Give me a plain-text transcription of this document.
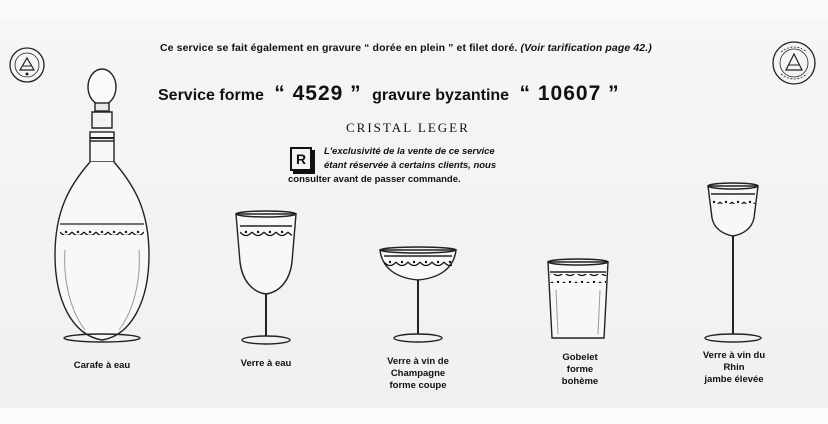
Ce service se fait également en gravure “ dorée en plein ” et filet doré. (Voir tarification page 42.)
Service forme “ 4529 ” gravure byzantine “ 10607 ”
CRISTAL LEGER
L'exclusivité de la vente de ce service
étant réservée à certains clients, nous
consulter avant de passer commande.
R
Carafe à eau	Verre à eau	Verre à vin de
Champagne
forme coupe
Gobelet
forme
bohème
Verre à vin du
Rhin
jambe élevée
